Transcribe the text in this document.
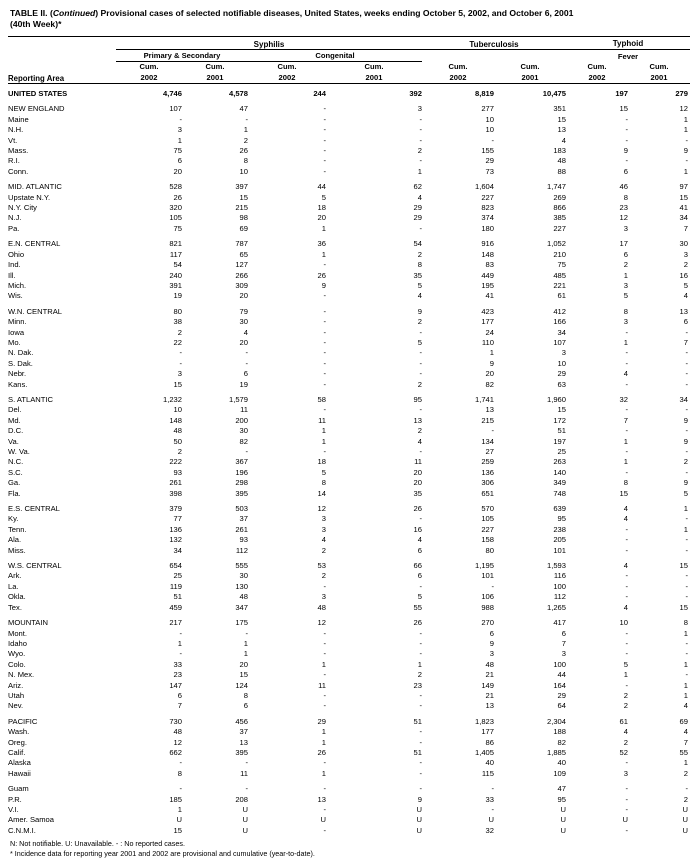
TABLE II. (Continued) Provisional cases of selected notifiable diseases, United States, weeks ending October 5, 2002, and October 6, 2001
(40th Week)*
	Syphilis				Tuberculosis		Typhoid	
	Primary & Secondary		Congenital				Fever	
	Cum.	Cum.	Cum.	Cum.	Cum.	Cum.	Cum.	Cum.
Reporting Area	2002	2001	2002	2001	2002	2001	2002	2001

UNITED STATES	4,746	4,578	244	392	8,819	10,475	197	279

NEW ENGLAND	107	47	-	3	277	351	15	12
Maine	-	-	-	-	10	15	-	1
N.H.	3	1	-	-	10	13	-	1
Vt.	1	2	-	-	-	4	-	-
Mass.	75	26	-	2	155	183	9	9
R.I.	6	8	-	-	29	48	-	-
Conn.	20	10	-	1	73	88	6	1

MID. ATLANTIC	528	397	44	62	1,604	1,747	46	97
Upstate N.Y.	26	15	5	4	227	269	8	15
N.Y. City	320	215	18	29	823	866	23	41
N.J.	105	98	20	29	374	385	12	34
Pa.	75	69	1	-	180	227	3	7

E.N. CENTRAL	821	787	36	54	916	1,052	17	30
Ohio	117	65	1	2	148	210	6	3
Ind.	54	127	-	8	83	75	2	2
Ill.	240	266	26	35	449	485	1	16
Mich.	391	309	9	5	195	221	3	5
Wis.	19	20	-	4	41	61	5	4

W.N. CENTRAL	80	79	-	9	423	412	8	13
Minn.	38	30	-	2	177	166	3	6
Iowa	2	4	-	-	24	34	-	-
Mo.	22	20	-	5	110	107	1	7
N. Dak.	-	-	-	-	1	3	-	-
S. Dak.	-	-	-	-	9	10	-	-
Nebr.	3	6	-	-	20	29	4	-
Kans.	15	19	-	2	82	63	-	-

S. ATLANTIC	1,232	1,579	58	95	1,741	1,960	32	34
Del.	10	11	-	-	13	15	-	-
Md.	148	200	11	13	215	172	7	9
D.C.	48	30	1	2	-	51	-	-
Va.	50	82	1	4	134	197	1	9
W. Va.	2	-	-	-	27	25	-	-
N.C.	222	367	18	11	259	263	1	2
S.C.	93	196	5	20	136	140	-	-
Ga.	261	298	8	20	306	349	8	9
Fla.	398	395	14	35	651	748	15	5

E.S. CENTRAL	379	503	12	26	570	639	4	1
Ky.	77	37	3	-	105	95	4	-
Tenn.	136	261	3	16	227	238	-	1
Ala.	132	93	4	4	158	205	-	-
Miss.	34	112	2	6	80	101	-	-

W.S. CENTRAL	654	555	53	66	1,195	1,593	4	15
Ark.	25	30	2	6	101	116	-	-
La.	119	130	-	-	-	100	-	-
Okla.	51	48	3	5	106	112	-	-
Tex.	459	347	48	55	988	1,265	4	15

MOUNTAIN	217	175	12	26	270	417	10	8
Mont.	-	-	-	-	6	6	-	1
Idaho	1	1	-	-	9	7	-	-
Wyo.	-	1	-	-	3	3	-	-
Colo.	33	20	1	1	48	100	5	1
N. Mex.	23	15	-	2	21	44	1	-
Ariz.	147	124	11	23	149	164	-	1
Utah	6	8	-	-	21	29	2	1
Nev.	7	6	-	-	13	64	2	4

PACIFIC	730	456	29	51	1,823	2,304	61	69
Wash.	48	37	1	-	177	188	4	4
Oreg.	12	13	1	-	86	82	2	7
Calif.	662	395	26	51	1,405	1,885	52	55
Alaska	-	-	-	-	40	40	-	1
Hawaii	8	11	1	-	115	109	3	2

Guam	-	-	-	-	-	47	-	-
P.R.	185	208	13	9	33	95	-	2
V.I.	1	U	-	U	-	U	-	U
Amer. Samoa	U	U	U	U	U	U	U	U
C.N.M.I.	15	U	-	U	32	U	-	U
N: Not notifiable. U: Unavailable. - : No reported cases.
* Incidence data for reporting year 2001 and 2002 are provisional and cumulative (year-to-date).
